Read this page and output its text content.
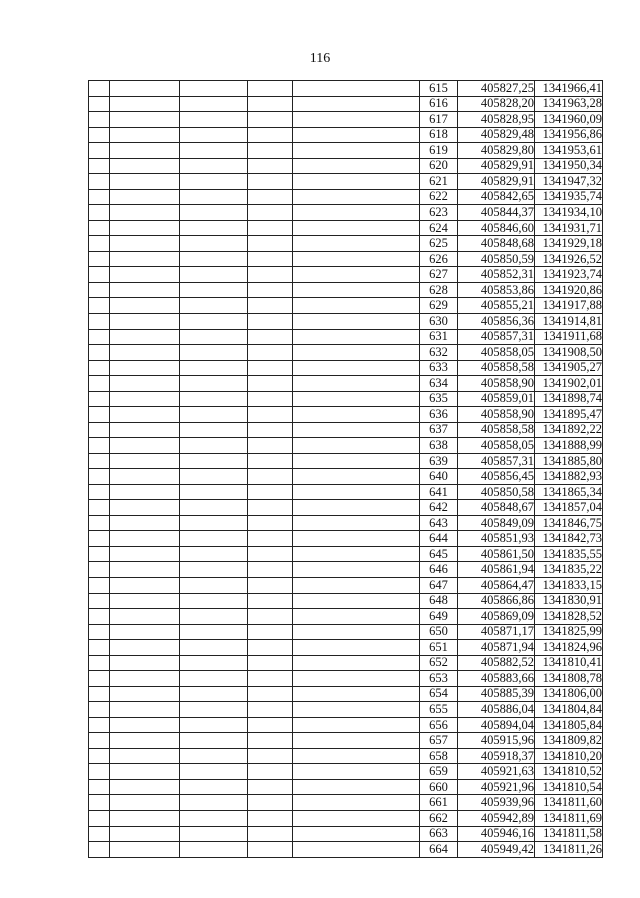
116
					615	405827,25	1341966,41
					616	405828,20	1341963,28
					617	405828,95	1341960,09
					618	405829,48	1341956,86
					619	405829,80	1341953,61
					620	405829,91	1341950,34
					621	405829,91	1341947,32
					622	405842,65	1341935,74
					623	405844,37	1341934,10
					624	405846,60	1341931,71
					625	405848,68	1341929,18
					626	405850,59	1341926,52
					627	405852,31	1341923,74
					628	405853,86	1341920,86
					629	405855,21	1341917,88
					630	405856,36	1341914,81
					631	405857,31	1341911,68
					632	405858,05	1341908,50
					633	405858,58	1341905,27
					634	405858,90	1341902,01
					635	405859,01	1341898,74
					636	405858,90	1341895,47
					637	405858,58	1341892,22
					638	405858,05	1341888,99
					639	405857,31	1341885,80
					640	405856,45	1341882,93
					641	405850,58	1341865,34
					642	405848,67	1341857,04
					643	405849,09	1341846,75
					644	405851,93	1341842,73
					645	405861,50	1341835,55
					646	405861,94	1341835,22
					647	405864,47	1341833,15
					648	405866,86	1341830,91
					649	405869,09	1341828,52
					650	405871,17	1341825,99
					651	405871,94	1341824,96
					652	405882,52	1341810,41
					653	405883,66	1341808,78
					654	405885,39	1341806,00
					655	405886,04	1341804,84
					656	405894,04	1341805,84
					657	405915,96	1341809,82
					658	405918,37	1341810,20
					659	405921,63	1341810,52
					660	405921,96	1341810,54
					661	405939,96	1341811,60
					662	405942,89	1341811,69
					663	405946,16	1341811,58
					664	405949,42	1341811,26
